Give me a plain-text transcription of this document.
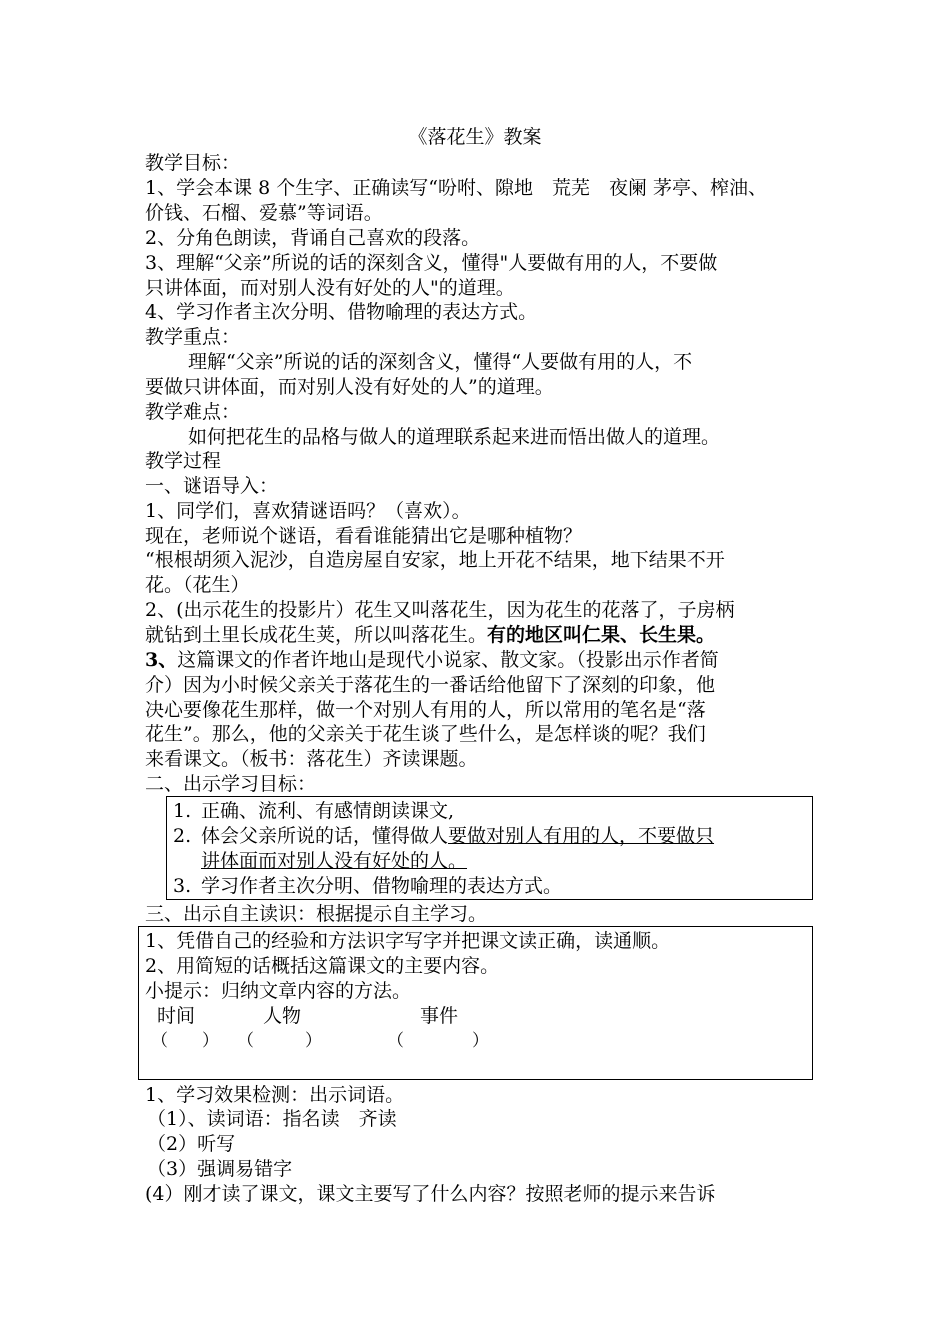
《落花生》教案
教学目标：
1、学会本课 8 个生字、正确读写“吩咐、隙地　荒芜　夜阑 茅亭、榨油、
价钱、石榴、爱慕”等词语。
2、分角色朗读，背诵自己喜欢的段落。
3、理解“父亲”所说的话的深刻含义，懂得"人要做有用的人，不要做
只讲体面，而对别人没有好处的人"的道理。
4、学习作者主次分明、借物喻理的表达方式。
教学重点：
理解“父亲”所说的话的深刻含义，懂得“人要做有用的人，不
要做只讲体面，而对别人没有好处的人”的道理。
教学难点：
如何把花生的品格与做人的道理联系起来进而悟出做人的道理。
教学过程
一、谜语导入：
1、同学们，喜欢猜谜语吗？（喜欢）。
现在，老师说个谜语，看看谁能猜出它是哪种植物？
“根根胡须入泥沙，自造房屋自安家，地上开花不结果，地下结果不开
花。（花生）
2、(出示花生的投影片）花生又叫落花生，因为花生的花落了，子房柄
就钻到土里长成花生荚，所以叫落花生。有的地区叫仁果、长生果。
3、这篇课文的作者许地山是现代小说家、散文家。（投影出示作者简
介）因为小时候父亲关于落花生的一番话给他留下了深刻的印象，他
决心要像花生那样，做一个对别人有用的人，所以常用的笔名是“落
花生”。那么，他的父亲关于花生谈了些什么，是怎样谈的呢？我们
来看课文。（板书：落花生）齐读课题。
二、出示学习目标：
1. 正确、流利、有感情朗读课文,
2. 体会父亲所说的话，懂得做人要做对别人有用的人，不要做只
讲体面而对别人没有好处的人。
3. 学习作者主次分明、借物喻理的表达方式。
三、出示自主读识：根据提示自主学习。
1、凭借自己的经验和方法识字写字并把课文读正确，读通顺。
2、用简短的话概括这篇课文的主要内容。
小提示：归纳文章内容的方法。
时间	人物	事件
（　　） （　　　）	（　　　　）
1、学习效果检测：出示词语。
（1）、读词语：指名读　齐读
（2）听写
（3）强调易错字
(4）刚才读了课文，课文主要写了什么内容？按照老师的提示来告诉
